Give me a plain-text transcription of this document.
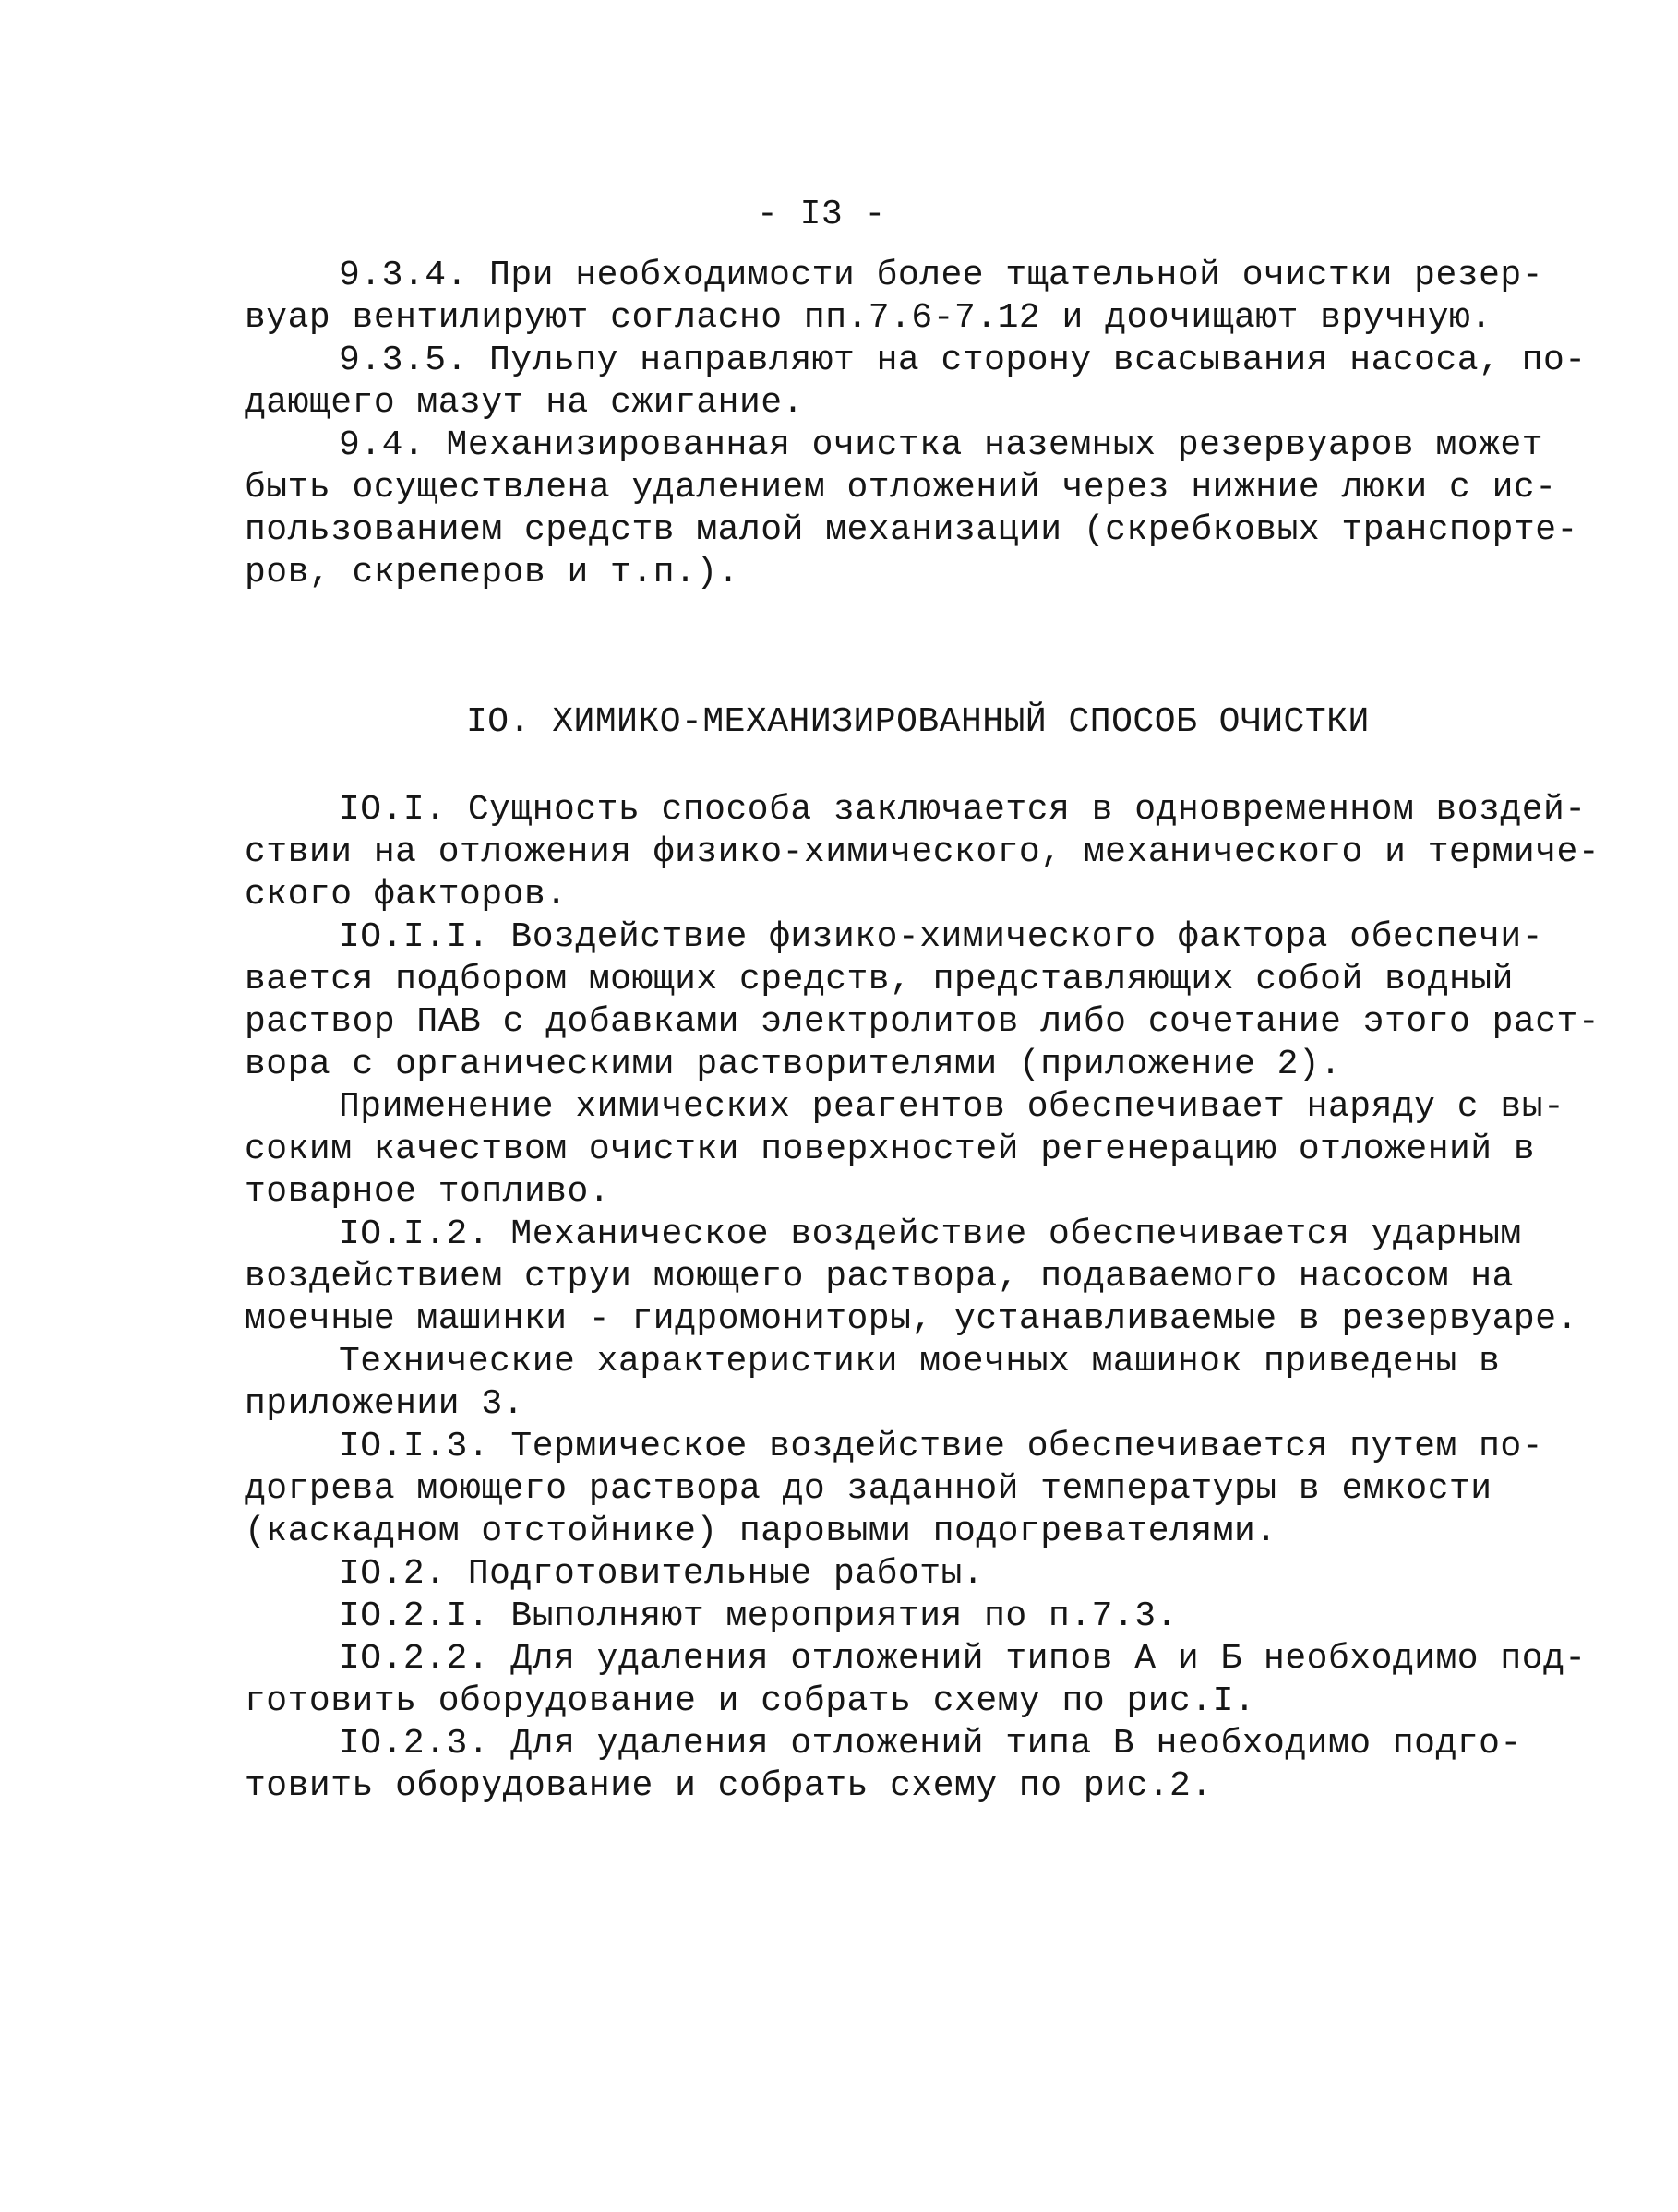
- I3 -
9.3.4. При необходимости более тщательной очистки резер-
вуар вентилируют согласно пп.7.6-7.12 и доочищают вручную.
9.3.5. Пульпу направляют на сторону всасывания насоса, по-
дающего мазут на сжигание.
9.4. Механизированная очистка наземных резервуаров может
быть осуществлена удалением отложений через нижние люки с ис-
пользованием средств малой механизации (скребковых транспорте-
ров, скреперов и т.п.).
IO. ХИМИКО-МЕХАНИЗИРОВАННЫЙ СПОСОБ ОЧИСТКИ
IO.I. Сущность способа заключается в одновременном воздей-
ствии на отложения физико-химического, механического и термиче-
ского факторов.
IO.I.I. Воздействие физико-химического фактора обеспечи-
вается подбором моющих средств, представляющих собой водный
раствор ПАВ с добавками электролитов либо сочетание этого раст-
вора с органическими растворителями (приложение 2).
Применение химических реагентов обеспечивает наряду с вы-
соким качеством очистки поверхностей регенерацию отложений в
товарное топливо.
IO.I.2. Механическое воздействие обеспечивается ударным
воздействием струи моющего раствора, подаваемого насосом на
моечные машинки - гидромониторы, устанавливаемые в резервуаре.
Технические характеристики моечных машинок приведены в
приложении 3.
IO.I.3. Термическое воздействие обеспечивается путем по-
догрева моющего раствора до заданной температуры в емкости
(каскадном отстойнике) паровыми подогревателями.
IO.2. Подготовительные работы.
IO.2.I. Выполняют мероприятия по п.7.3.
IO.2.2. Для удаления отложений типов А и Б необходимо под-
готовить оборудование и собрать схему по рис.I.
IO.2.3. Для удаления отложений типа В необходимо подго-
товить оборудование и собрать схему по рис.2.
